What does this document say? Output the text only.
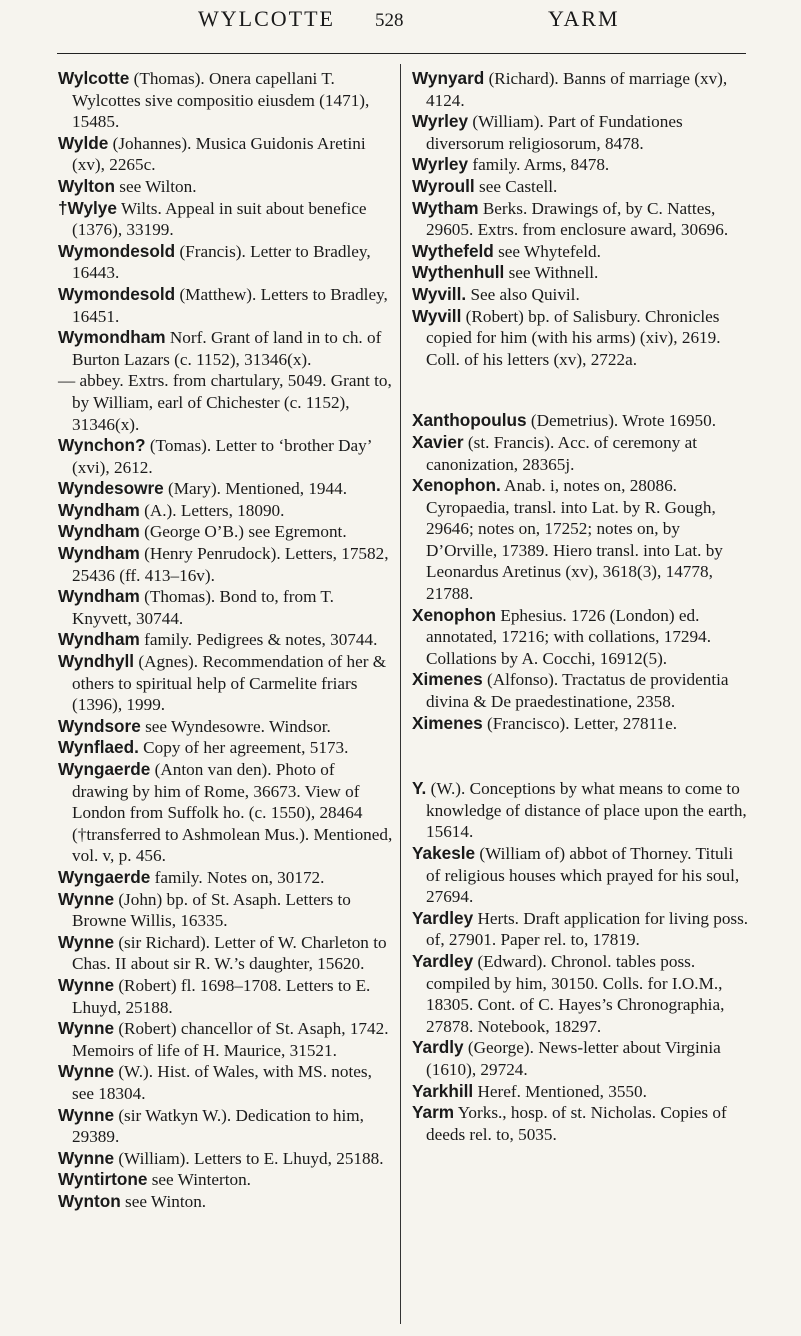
WYLCOTTE 528	YARM

Wylcotte (Thomas). Onera capellani T. Wylcottes sive compositio eiusdem (1471), 15485.

Wylde (Johannes). Musica Guidonis Aretini (xv), 2265c.

Wylton see Wilton.

†Wylye Wilts. Appeal in suit about benefice (1376), 33199.

Wymondesold (Francis). Letter to Bradley, 16443.

Wymondesold (Matthew). Letters to Bradley, 16451.

Wymondham Norf. Grant of land in to ch. of Burton Lazars (c. 1152), 31346(x).

— abbey. Extrs. from chartulary, 5049. Grant to, by William, earl of Chichester (c. 1152), 31346(x).

Wynchon? (Tomas). Letter to ‘brother Day’ (xvi), 2612.

Wyndesowre (Mary). Mentioned, 1944.

Wyndham (A.). Letters, 18090.

Wyndham (George O’B.) see Egremont.

Wyndham (Henry Penrudock). Letters, 17582, 25436 (ff. 413–16v).

Wyndham (Thomas). Bond to, from T. Knyvett, 30744.

Wyndham family. Pedigrees & notes, 30744.

Wyndhyll (Agnes). Recommendation of her & others to spiritual help of Carmelite friars (1396), 1999.

Wyndsore see Wyndesowre. Windsor.

Wynflaed. Copy of her agreement, 5173.

Wyngaerde (Anton van den). Photo of drawing by him of Rome, 36673. View of London from Suffolk ho. (c. 1550), 28464 (†transferred to Ashmolean Mus.). Mentioned, vol. v, p. 456.

Wyngaerde family. Notes on, 30172.

Wynne (John) bp. of St. Asaph. Letters to Browne Willis, 16335.

Wynne (sir Richard). Letter of W. Charleton to Chas. II about sir R. W.’s daughter, 15620.

Wynne (Robert) fl. 1698–1708. Letters to E. Lhuyd, 25188.

Wynne (Robert) chancellor of St. Asaph, 1742. Memoirs of life of H. Maurice, 31521.

Wynne (W.). Hist. of Wales, with MS. notes, see 18304.

Wynne (sir Watkyn W.). Dedication to him, 29389.

Wynne (William). Letters to E. Lhuyd, 25188.

Wyntirtone see Winterton.

Wynton see Winton.

Wynyard (Richard). Banns of marriage (xv), 4124.

Wyrley (William). Part of Fundationes diversorum religiosorum, 8478.

Wyrley family. Arms, 8478.

Wyroull see Castell.

Wytham Berks. Drawings of, by C. Nattes, 29605. Extrs. from enclosure award, 30696.

Wythefeld see Whytefeld.

Wythenhull see Withnell.

Wyvill. See also Quivil.

Wyvill (Robert) bp. of Salisbury. Chronicles copied for him (with his arms) (xiv), 2619. Coll. of his letters (xv), 2722a.

Xanthopoulus (Demetrius). Wrote 16950.

Xavier (st. Francis). Acc. of ceremony at canonization, 28365j.

Xenophon. Anab. i, notes on, 28086. Cyropaedia, transl. into Lat. by R. Gough, 29646; notes on, 17252; notes on, by D’Orville, 17389. Hiero transl. into Lat. by Leonardus Aretinus (xv), 3618(3), 14778, 21788.

Xenophon Ephesius. 1726 (London) ed. annotated, 17216; with collations, 17294. Collations by A. Cocchi, 16912(5).

Ximenes (Alfonso). Tractatus de providentia divina & De praedestinatione, 2358.

Ximenes (Francisco). Letter, 27811e.

Y. (W.). Conceptions by what means to come to knowledge of distance of place upon the earth, 15614.

Yakesle (William of) abbot of Thorney. Tituli of religious houses which prayed for his soul, 27694.

Yardley Herts. Draft application for living poss. of, 27901. Paper rel. to, 17819.

Yardley (Edward). Chronol. tables poss. compiled by him, 30150. Colls. for I.O.M., 18305. Cont. of C. Hayes’s Chronographia, 27878. Notebook, 18297.

Yardly (George). News-letter about Virginia (1610), 29724.

Yarkhill Heref. Mentioned, 3550.

Yarm Yorks., hosp. of st. Nicholas. Copies of deeds rel. to, 5035.
